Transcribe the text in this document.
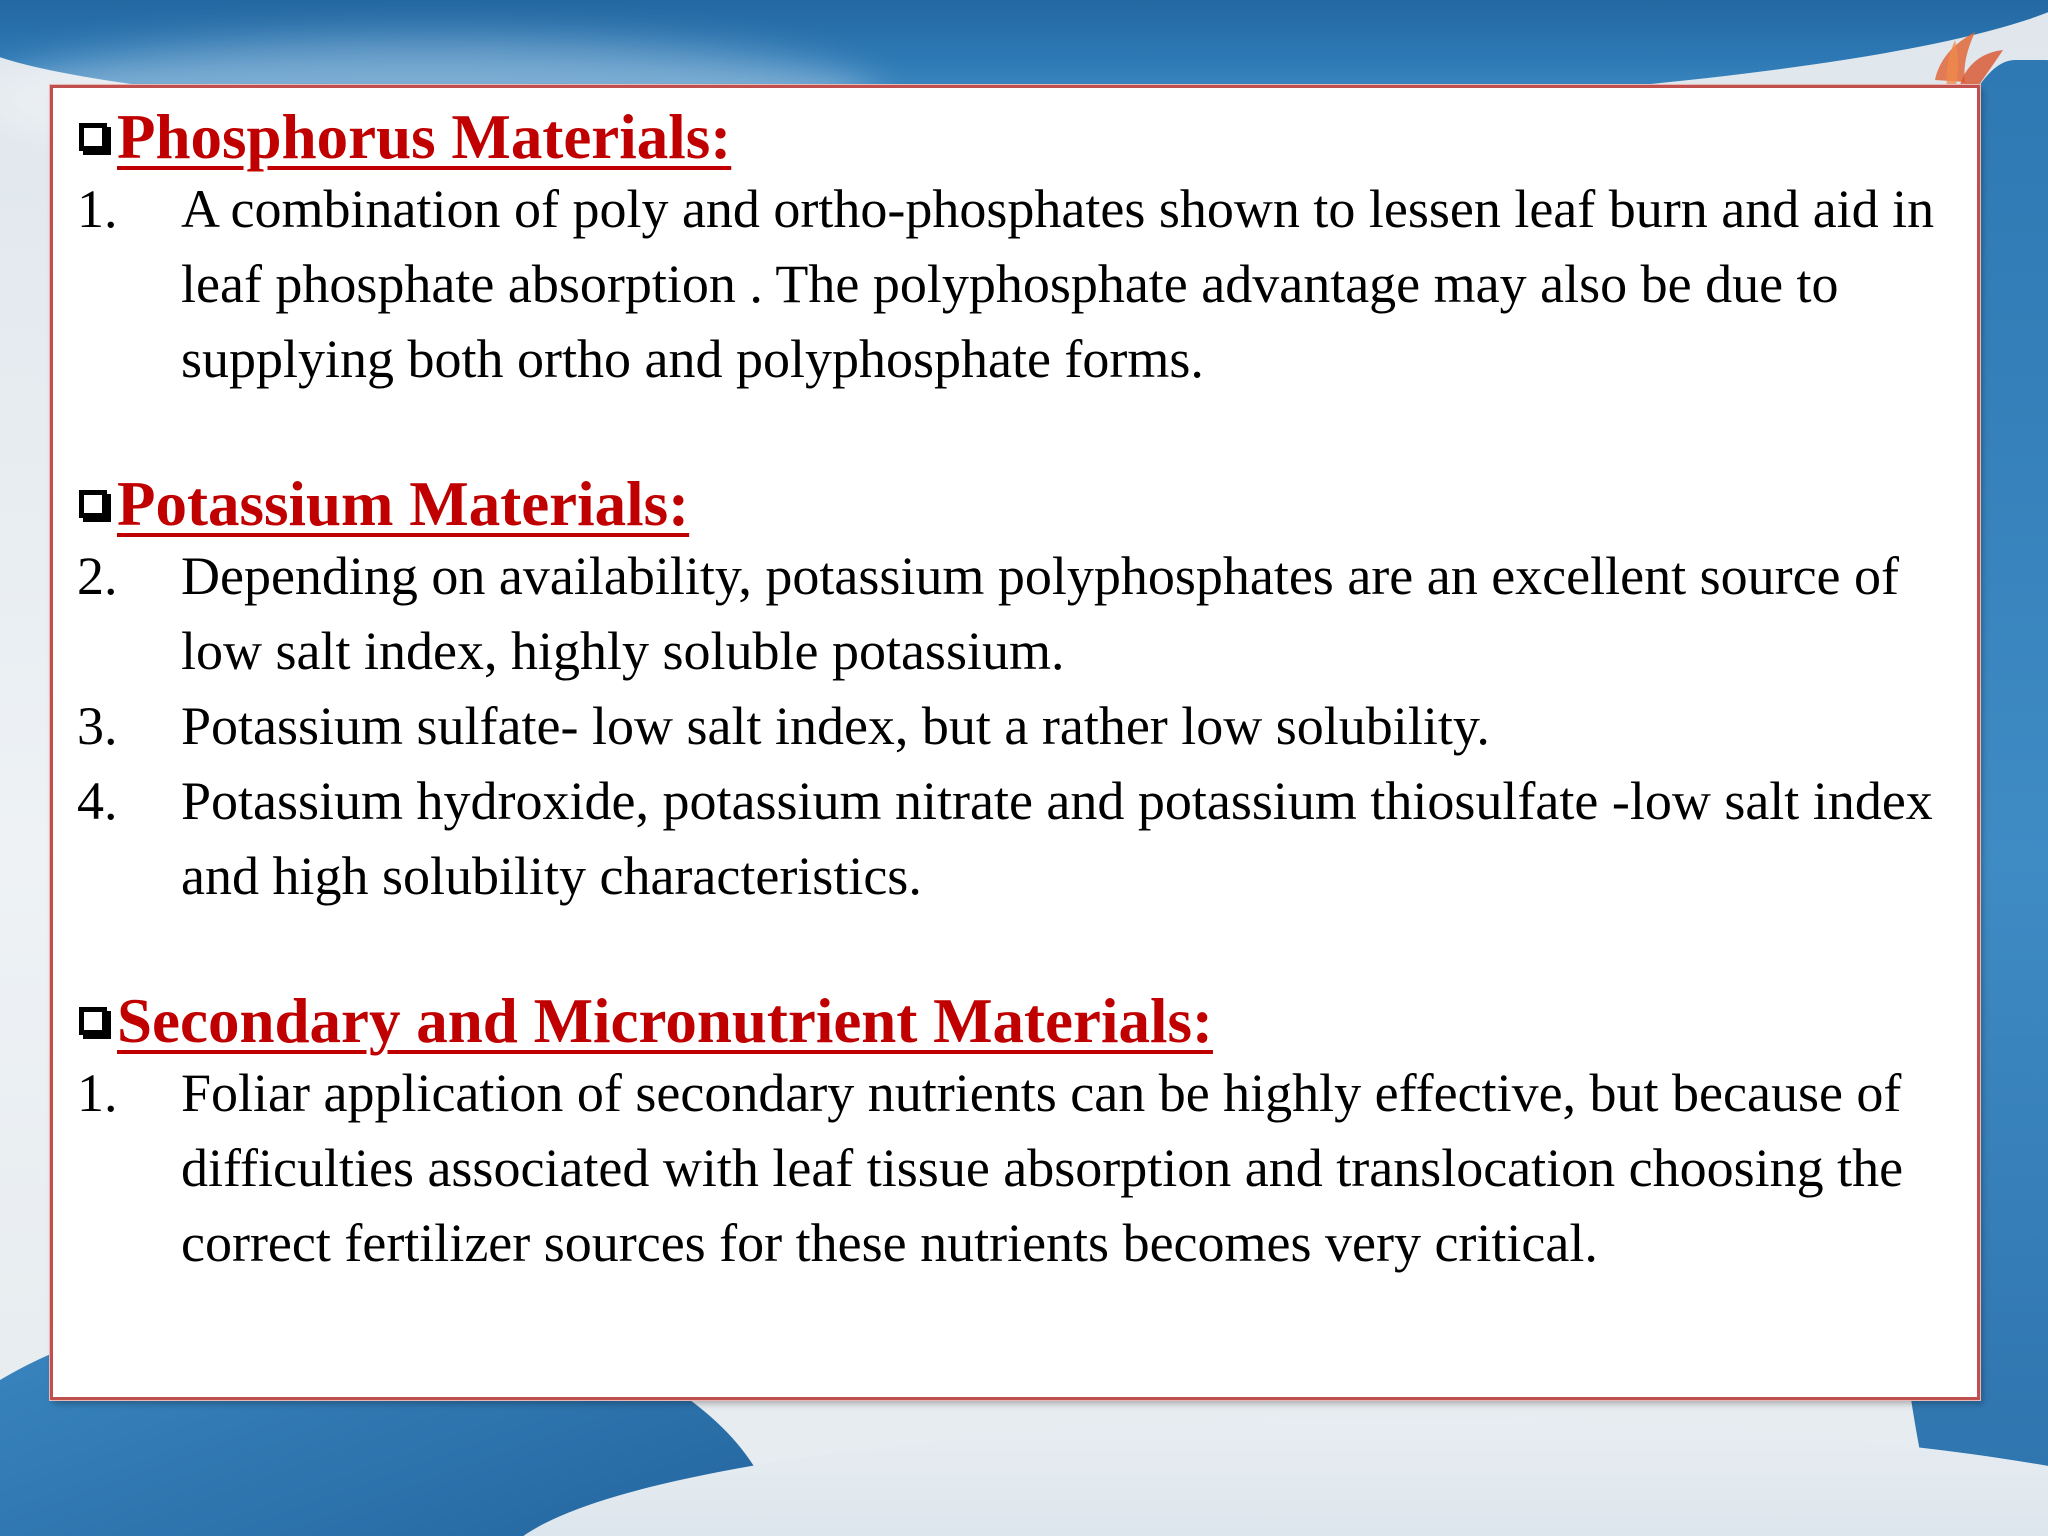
Phosphorus Materials:
1.	A combination of poly and ortho-phosphates shown to lessen leaf burn and aid in leaf phosphate absorption . The polyphosphate advantage may also be due to supplying both ortho and polyphosphate forms.
Potassium Materials:
2.	Depending on availability, potassium polyphosphates are an excellent source of low salt index, highly soluble potassium.
3.	Potassium sulfate- low salt index, but a rather low solubility.
4.	Potassium hydroxide, potassium nitrate and potassium thiosulfate -low salt index and high solubility characteristics.
Secondary and Micronutrient Materials:
1.	Foliar application of secondary nutrients can be highly effective, but because of difficulties associated with leaf tissue absorption and translocation choosing the correct fertilizer sources for these nutrients becomes very critical.
